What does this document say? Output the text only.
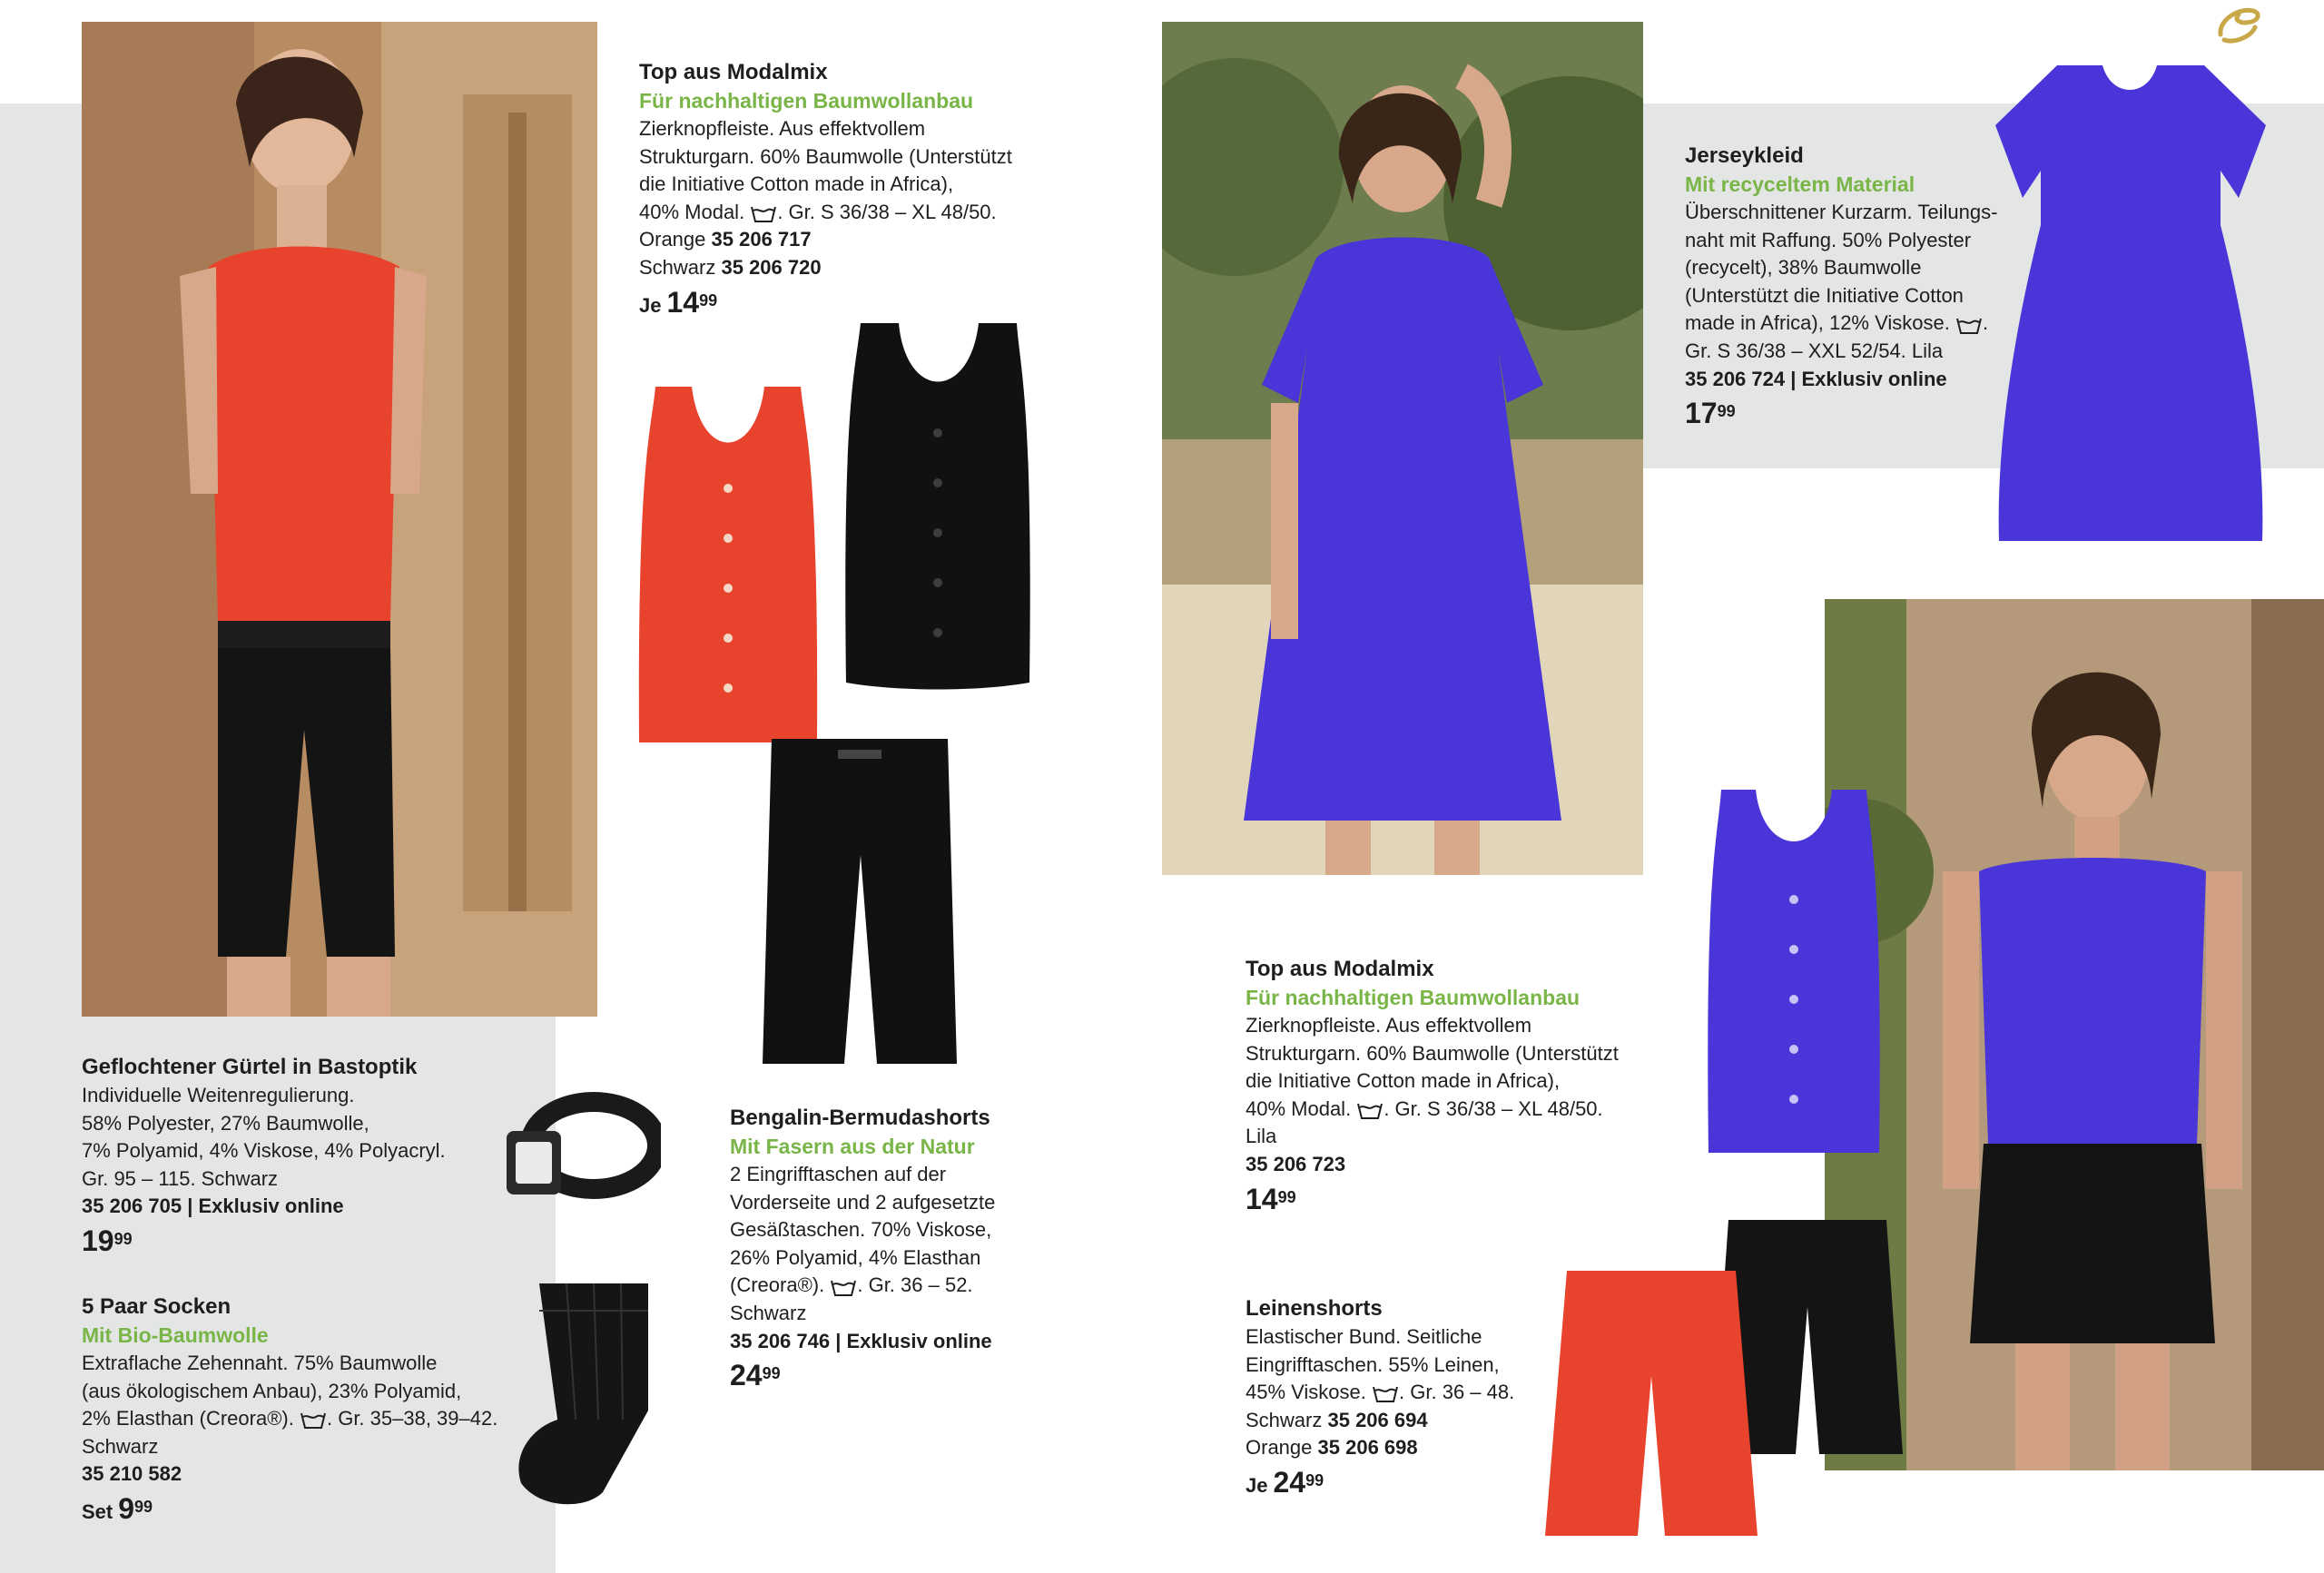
Top aus Modalmix
Für nachhaltigen Baumwollanbau
Zierknopfleiste. Aus effektvollem
Strukturgarn. 60% Baumwolle (Unterstützt
die Initiative Cotton made in Africa),
40% Modal. . Gr. S 36/38 – XL 48/50.
Orange 35 206 717
Schwarz 35 206 720
Je $14^{99}$
Geflochtener Gürtel in Bastoptik
Individuelle Weitenregulierung.
58% Polyester, 27% Baumwolle,
7% Polyamid, 4% Viskose, 4% Polyacryl.
Gr. 95 – 115. Schwarz
35 206 705 | Exklusiv online
$19^{99}$
5 Paar Socken
Mit Bio-Baumwolle
Extraflache Zehennaht. 75% Baumwolle
(aus ökologischem Anbau), 23% Polyamid,
2% Elasthan (Creora®). . Gr. 35–38, 39–42.
Schwarz
35 210 582
Set $9^{99}$
Bengalin-Bermudashorts
Mit Fasern aus der Natur
2 Eingrifftaschen auf der
Vorderseite und 2 aufgesetzte
Gesäßtaschen. 70% Viskose,
26% Polyamid, 4% Elasthan
(Creora®). . Gr. 36 – 52.
Schwarz
35 206 746 | Exklusiv online
$24^{99}$
Jerseykleid
Mit recyceltem Material
Überschnittener Kurzarm. Teilungs-
naht mit Raffung. 50% Polyester
(recycelt), 38% Baumwolle
(Unterstützt die Initiative Cotton
made in Africa), 12% Viskose. .
Gr. S 36/38 – XXL 52/54. Lila
35 206 724 | Exklusiv online
$17^{99}$
Top aus Modalmix
Für nachhaltigen Baumwollanbau
Zierknopfleiste. Aus effektvollem
Strukturgarn. 60% Baumwolle (Unterstützt
die Initiative Cotton made in Africa),
40% Modal. . Gr. S 36/38 – XL 48/50.
Lila
35 206 723
$14^{99}$
Leinenshorts
Elastischer Bund. Seitliche
Eingrifftaschen. 55% Leinen,
45% Viskose. . Gr. 36 – 48.
Schwarz 35 206 694
Orange 35 206 698
Je $24^{99}$
